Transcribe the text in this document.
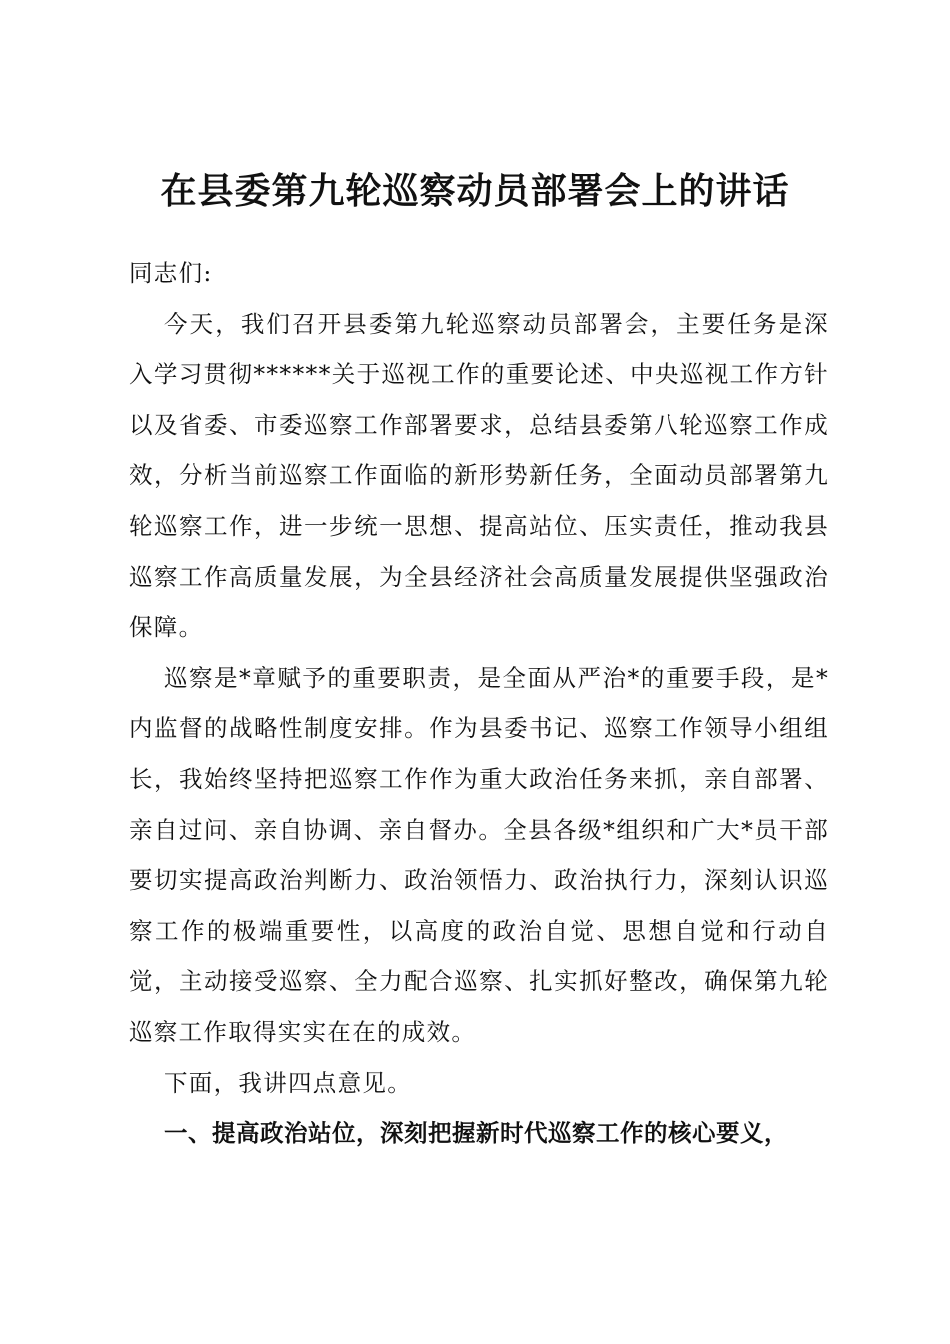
在县委第九轮巡察动员部署会上的讲话

同志们:

今天，我们召开县委第九轮巡察动员部署会，主要任务是深入学习贯彻******关于巡视工作的重要论述、中央巡视工作方针以及省委、市委巡察工作部署要求，总结县委第八轮巡察工作成效，分析当前巡察工作面临的新形势新任务，全面动员部署第九轮巡察工作，进一步统一思想、提高站位、压实责任，推动我县巡察工作高质量发展，为全县经济社会高质量发展提供坚强政治保障。

巡察是*章赋予的重要职责，是全面从严治*的重要手段，是*内监督的战略性制度安排。作为县委书记、巡察工作领导小组组长，我始终坚持把巡察工作作为重大政治任务来抓，亲自部署、亲自过问、亲自协调、亲自督办。全县各级*组织和广大*员干部要切实提高政治判断力、政治领悟力、政治执行力，深刻认识巡察工作的极端重要性，以高度的政治自觉、思想自觉和行动自觉，主动接受巡察、全力配合巡察、扎实抓好整改，确保第九轮巡察工作取得实实在在的成效。

下面，我讲四点意见。

一、提高政治站位，深刻把握新时代巡察工作的核心要义，
